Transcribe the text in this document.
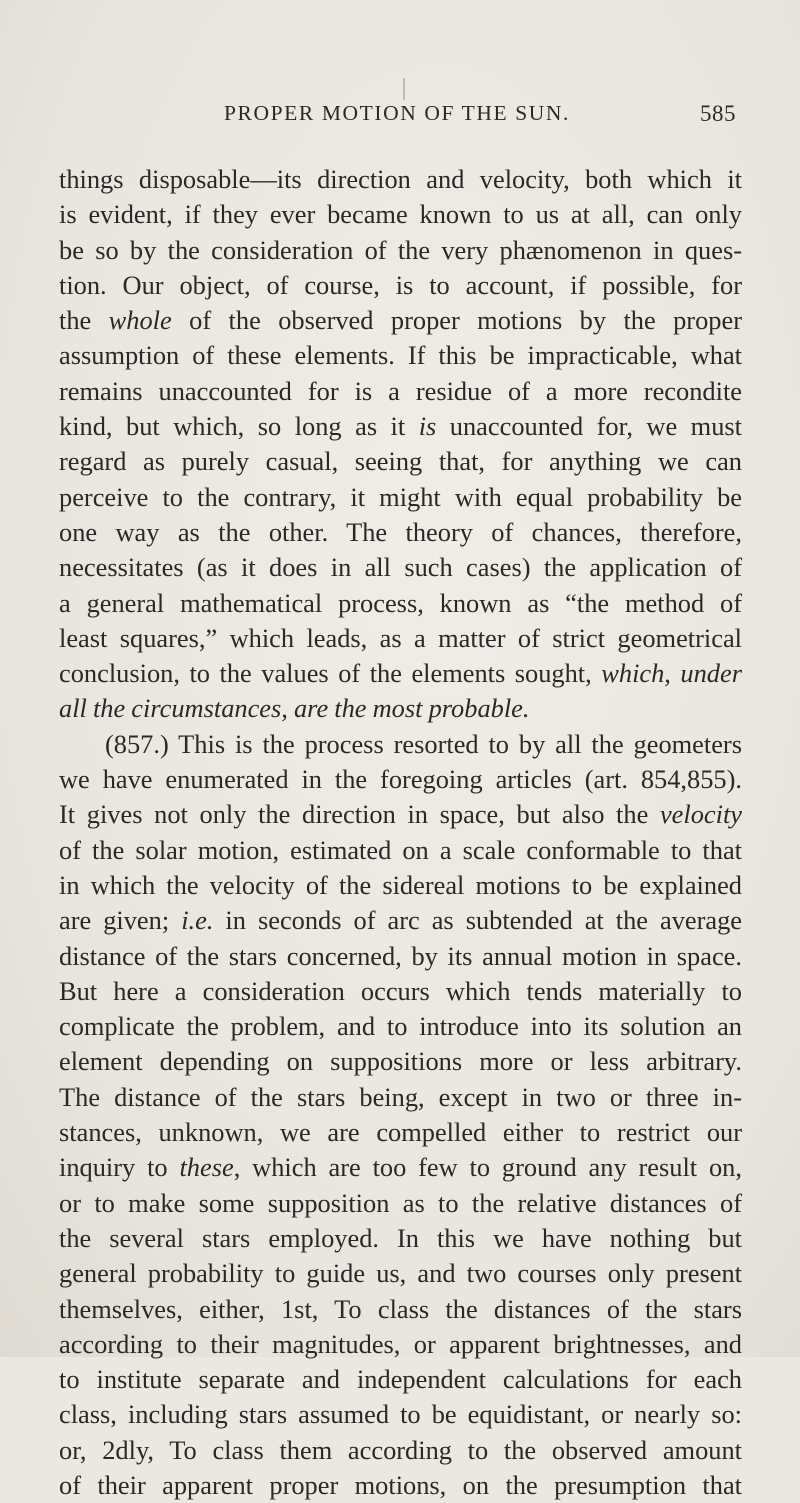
PROPER MOTION OF THE SUN.	585
things disposable—its direction and velocity, both which it
is evident, if they ever became known to us at all, can only
be so by the consideration of the very phænomenon in ques-
tion. Our object, of course, is to account, if possible, for
the whole of the observed proper motions by the proper
assumption of these elements. If this be impracticable, what
remains unaccounted for is a residue of a more recondite
kind, but which, so long as it is unaccounted for, we must
regard as purely casual, seeing that, for anything we can
perceive to the contrary, it might with equal probability be
one way as the other. The theory of chances, therefore,
necessitates (as it does in all such cases) the application of
a general mathematical process, known as “the method of
least squares,” which leads, as a matter of strict geometrical
conclusion, to the values of the elements sought, which, under
all the circumstances, are the most probable.
(857.) This is the process resorted to by all the geometers
we have enumerated in the foregoing articles (art. 854,855).
It gives not only the direction in space, but also the velocity
of the solar motion, estimated on a scale conformable to that
in which the velocity of the sidereal motions to be explained
are given; i.e. in seconds of arc as subtended at the average
distance of the stars concerned, by its annual motion in space.
But here a consideration occurs which tends materially to
complicate the problem, and to introduce into its solution an
element depending on suppositions more or less arbitrary.
The distance of the stars being, except in two or three in-
stances, unknown, we are compelled either to restrict our
inquiry to these, which are too few to ground any result on,
or to make some supposition as to the relative distances of
the several stars employed. In this we have nothing but
general probability to guide us, and two courses only present
themselves, either, 1st, To class the distances of the stars
according to their magnitudes, or apparent brightnesses, and
to institute separate and independent calculations for each
class, including stars assumed to be equidistant, or nearly so:
or, 2dly, To class them according to the observed amount
of their apparent proper motions, on the presumption that
